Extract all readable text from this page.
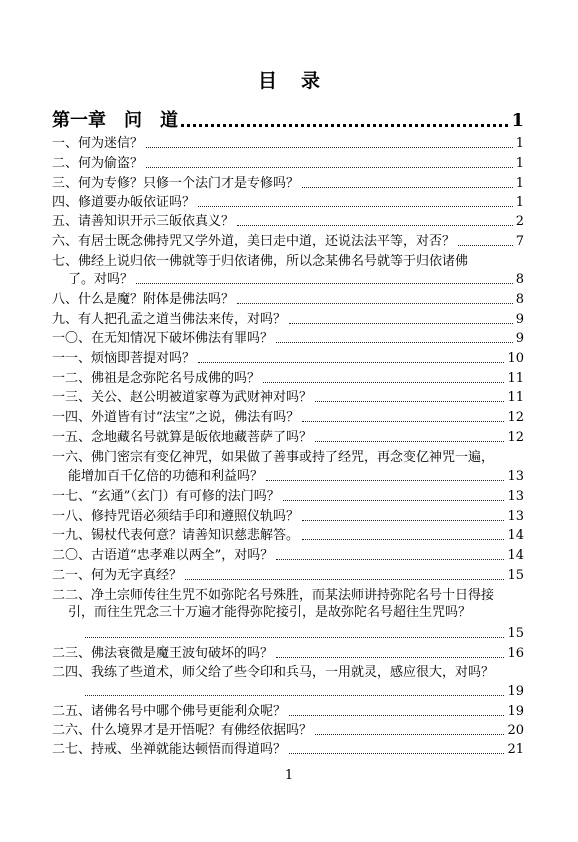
目 录
第一章　问　道	1
一、何为迷信？	1
二、何为偷盗？	1
三、何为专修？只修一个法门才是专修吗？	1
四、修道要办皈依证吗？	1
五、请善知识开示三皈依真义？	2
六、有居士既念佛持咒又学外道，美曰走中道，还说法法平等，对否？	7
七、佛经上说归依一佛就等于归依诸佛，所以念某佛名号就等于归依诸佛
了。对吗？	8
八、什么是魔？附体是佛法吗？	8
九、有人把孔孟之道当佛法来传，对吗？	9
一〇、在无知情况下破坏佛法有罪吗？	9
一一、烦恼即菩提对吗？	10
一二、佛祖是念弥陀名号成佛的吗？	11
一三、关公、赵公明被道家尊为武财神对吗？	11
一四、外道皆有讨“法宝”之说，佛法有吗？	12
一五、念地藏名号就算是皈依地藏菩萨了吗？	12
一六、佛门密宗有变亿神咒，如果做了善事或持了经咒，再念变亿神咒一遍，
能增加百千亿倍的功德和利益吗？	13
一七、“玄通”（玄门）有可修的法门吗？	13
一八、修持咒语必须结手印和遵照仪轨吗？	13
一九、锡杖代表何意？请善知识慈悲解答。	14
二〇、古语道“忠孝难以两全”，对吗？	14
二一、何为无字真经？	15
二二、净土宗师传往生咒不如弥陀名号殊胜，而某法师讲持弥陀名号十日得接
引，而往生咒念三十万遍才能得弥陀接引，是故弥陀名号超往生咒吗？
15
二三、佛法衰微是魔王波旬破坏的吗？	16
二四、我练了些道术，师父给了些令印和兵马，一用就灵，感应很大，对吗？
19
二五、诸佛名号中哪个佛号更能利众呢？	19
二六、什么境界才是开悟呢？有佛经依据吗？	20
二七、持戒、坐禅就能达顿悟而得道吗？	21
1
